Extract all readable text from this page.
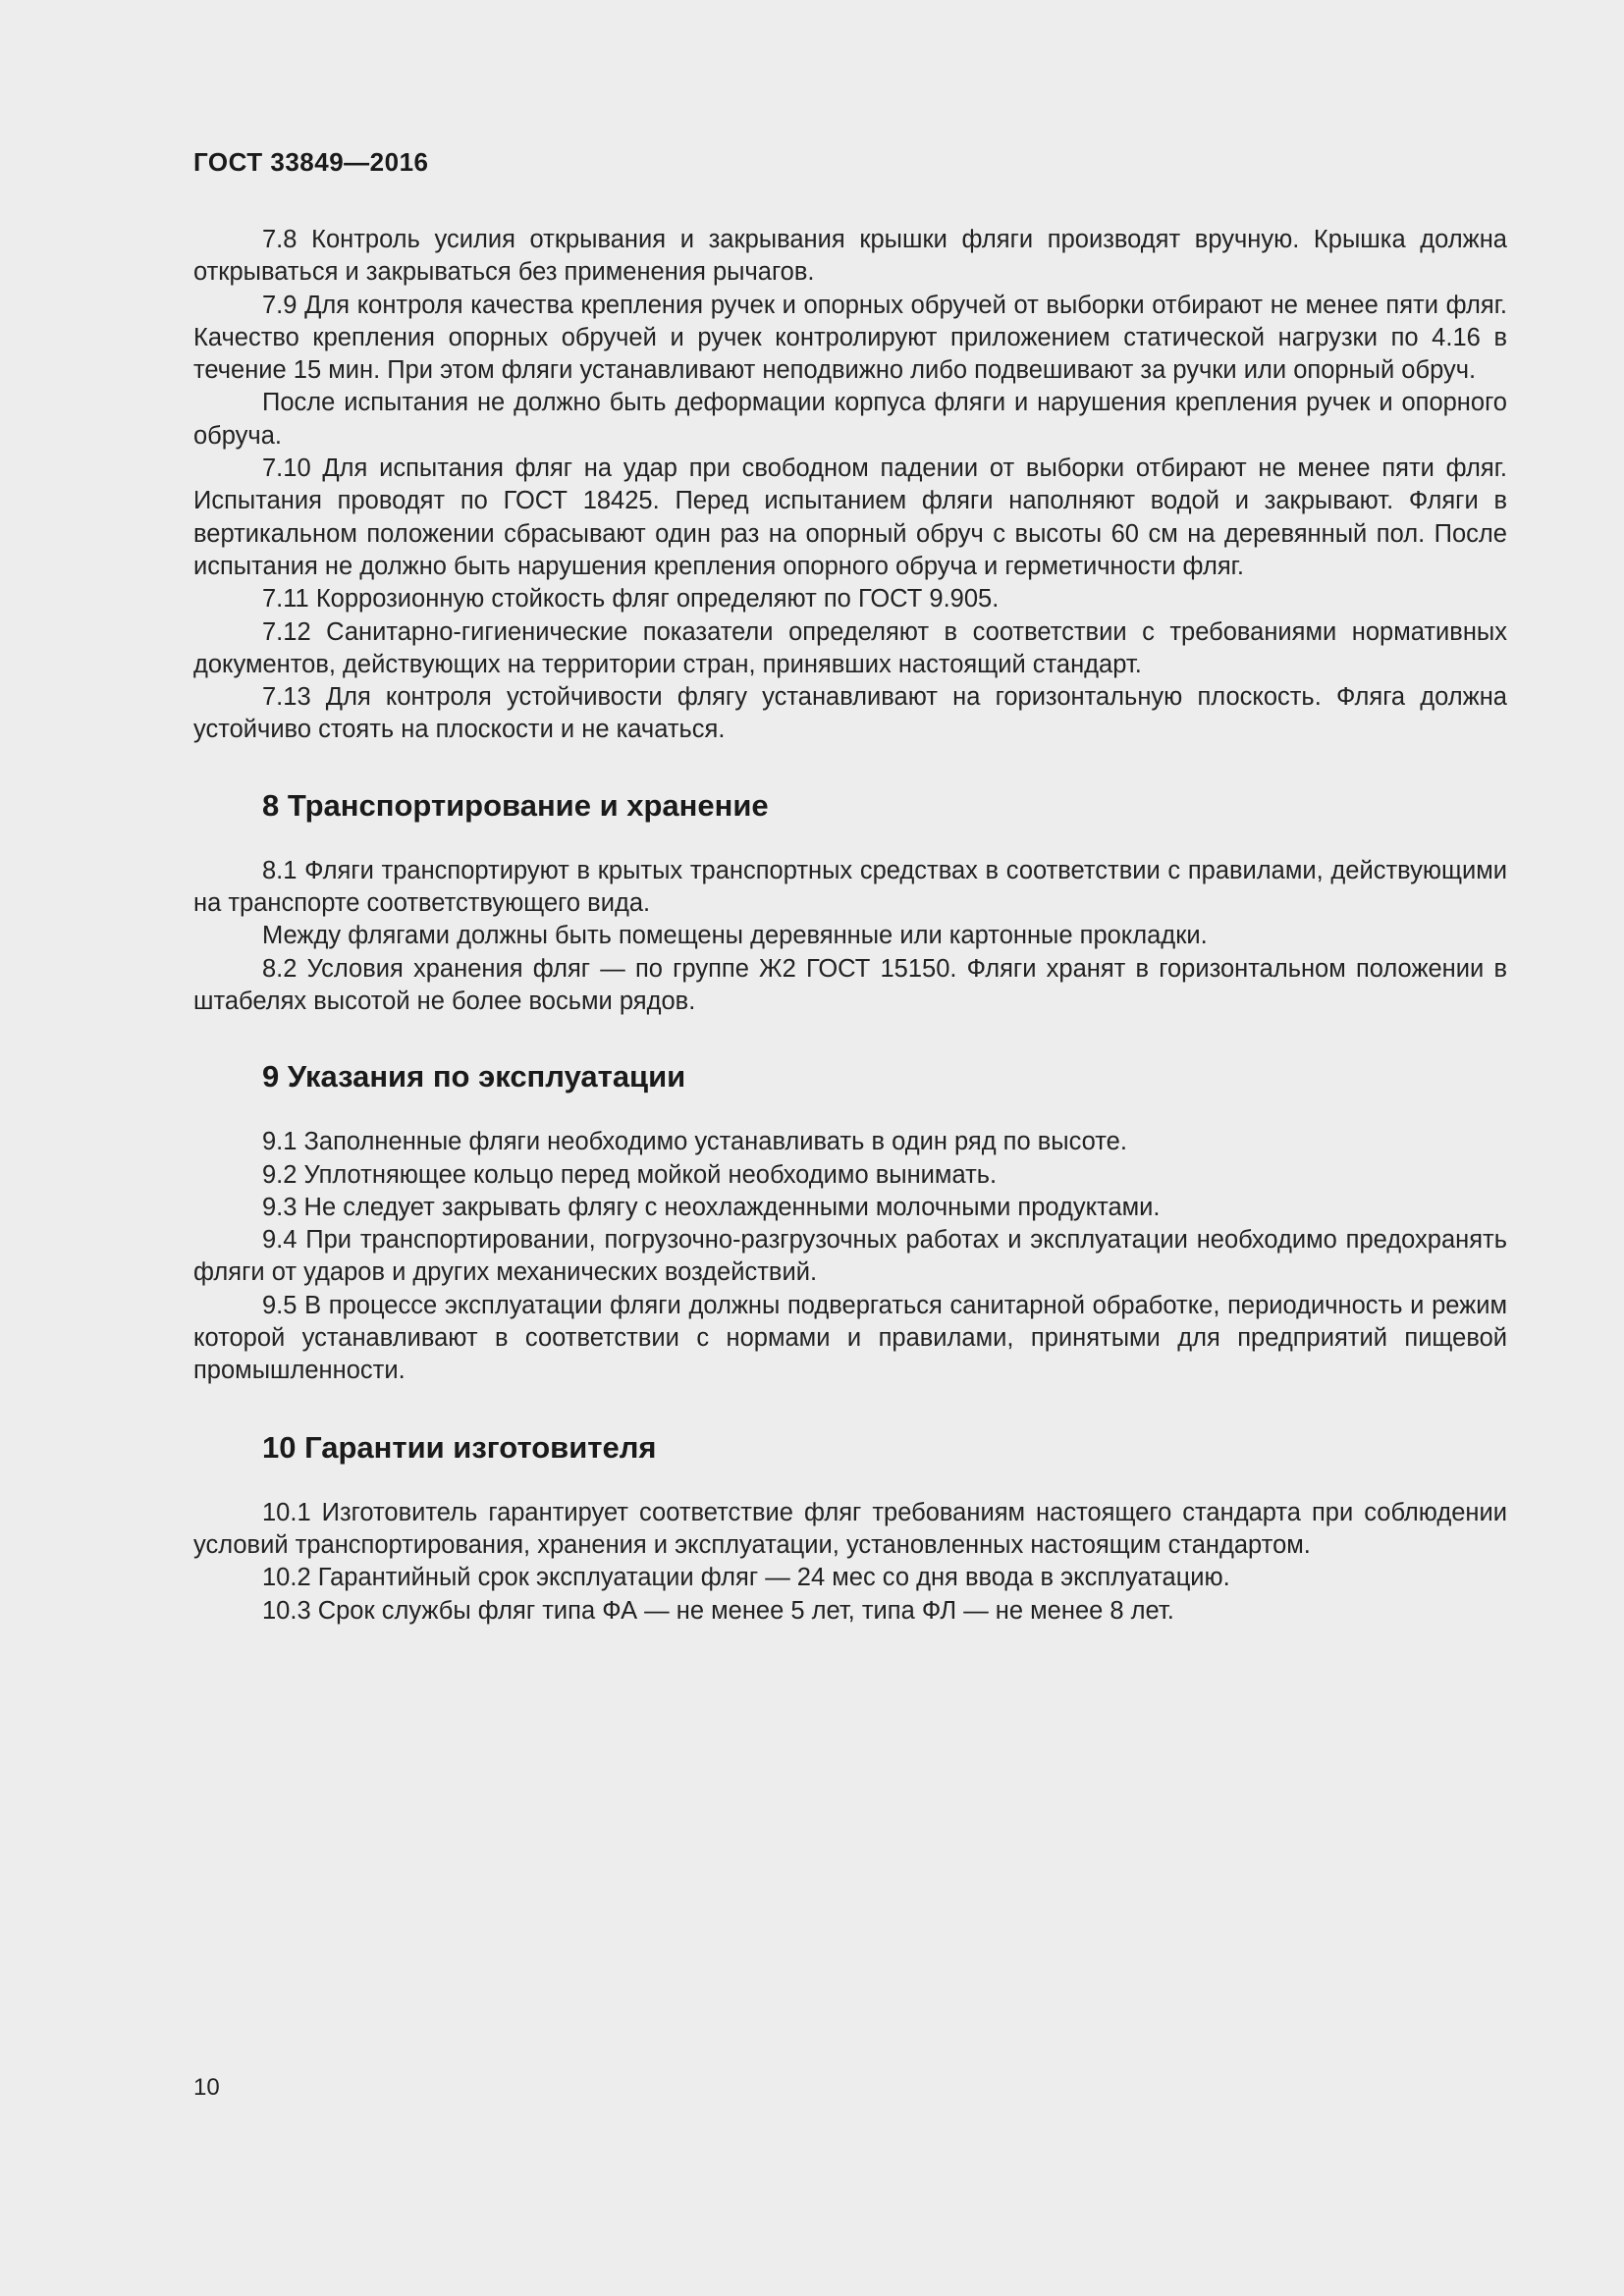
ГОСТ 33849—2016

7.8 Контроль усилия открывания и закрывания крышки фляги производят вручную. Крышка должна открываться и закрываться без применения рычагов.

7.9 Для контроля качества крепления ручек и опорных обручей от выборки отбирают не менее пяти фляг. Качество крепления опорных обручей и ручек контролируют приложением статической нагрузки по 4.16 в течение 15 мин. При этом фляги устанавливают неподвижно либо подвешивают за ручки или опорный обруч.

После испытания не должно быть деформации корпуса фляги и нарушения крепления ручек и опорного обруча.

7.10 Для испытания фляг на удар при свободном падении от выборки отбирают не менее пяти фляг. Испытания проводят по ГОСТ 18425. Перед испытанием фляги наполняют водой и закрывают. Фляги в вертикальном положении сбрасывают один раз на опорный обруч с высоты 60 см на деревянный пол. После испытания не должно быть нарушения крепления опорного обруча и герметичности фляг.

7.11 Коррозионную стойкость фляг определяют по ГОСТ 9.905.

7.12 Санитарно-гигиенические показатели определяют в соответствии с требованиями нормативных документов, действующих на территории стран, принявших настоящий стандарт.

7.13 Для контроля устойчивости флягу устанавливают на горизонтальную плоскость. Фляга должна устойчиво стоять на плоскости и не качаться.

8 Транспортирование и хранение

8.1 Фляги транспортируют в крытых транспортных средствах в соответствии с правилами, действующими на транспорте соответствующего вида.

Между флягами должны быть помещены деревянные или картонные прокладки.

8.2 Условия хранения фляг — по группе Ж2 ГОСТ 15150. Фляги хранят в горизонтальном положении в штабелях высотой не более восьми рядов.

9 Указания по эксплуатации

9.1 Заполненные фляги необходимо устанавливать в один ряд по высоте.

9.2 Уплотняющее кольцо перед мойкой необходимо вынимать.

9.3 Не следует закрывать флягу с неохлажденными молочными продуктами.

9.4 При транспортировании, погрузочно-разгрузочных работах и эксплуатации необходимо предохранять фляги от ударов и других механических воздействий.

9.5 В процессе эксплуатации фляги должны подвергаться санитарной обработке, периодичность и режим которой устанавливают в соответствии с нормами и правилами, принятыми для предприятий пищевой промышленности.

10 Гарантии изготовителя

10.1 Изготовитель гарантирует соответствие фляг требованиям настоящего стандарта при соблюдении условий транспортирования, хранения и эксплуатации, установленных настоящим стандартом.

10.2 Гарантийный срок эксплуатации фляг — 24 мес со дня ввода в эксплуатацию.

10.3 Срок службы фляг типа ФА — не менее 5 лет, типа ФЛ — не менее 8 лет.

10
